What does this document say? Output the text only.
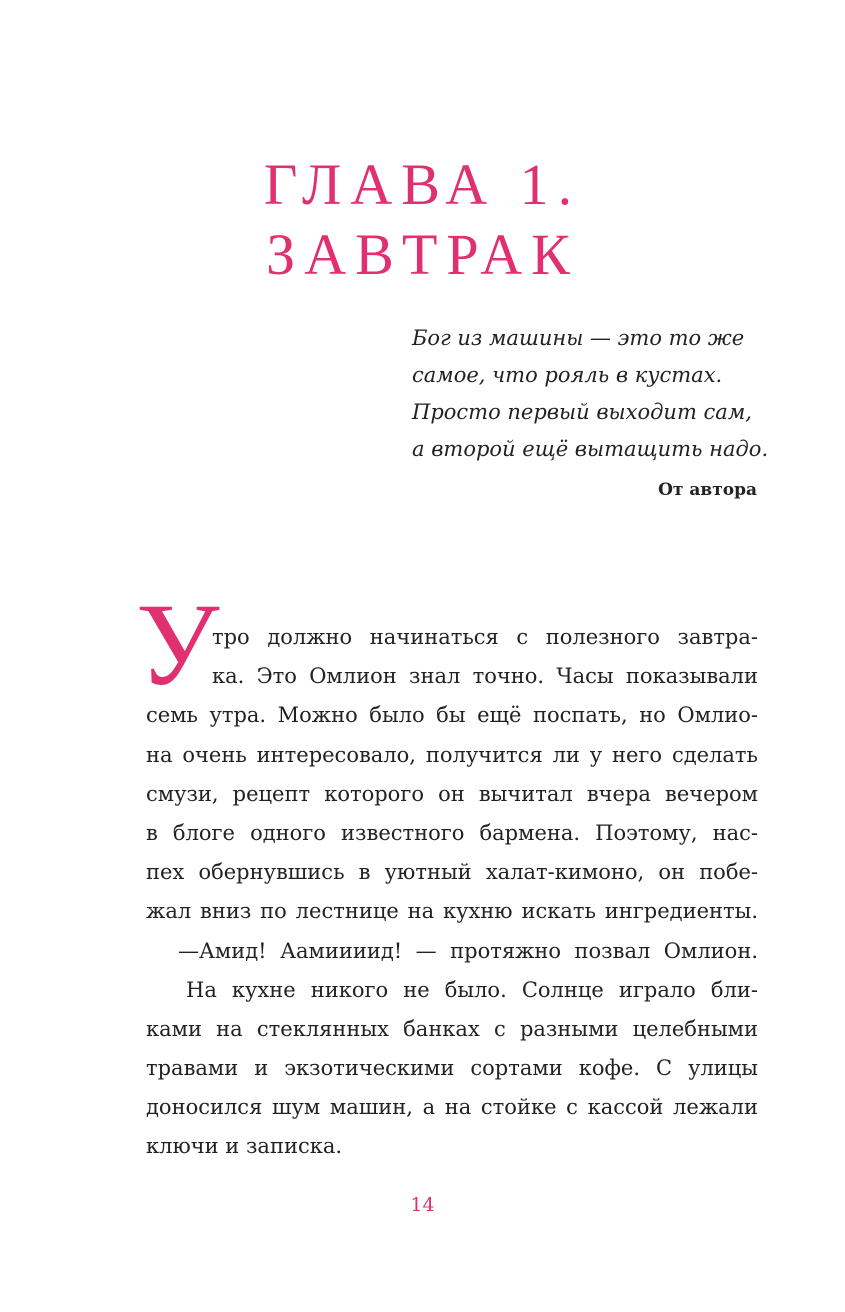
ГЛАВА 1.
ЗАВТРАК
Бог из машины — это то же
самое, что рояль в кустах.
Просто первый выходит сам,
а второй ещё вытащить надо.
От автора
У
тро должно начинаться с полезного завтра-
ка. Это Омлион знал точно. Часы показывали
семь утра. Можно было бы ещё поспать, но Омлио-
на очень интересовало, получится ли у него сделать
смузи, рецепт которого он вычитал вчера вечером
в блоге одного известного бармена. Поэтому, нас-
пех обернувшись в уютный халат-кимоно, он побе-
жал вниз по лестнице на кухню искать ингредиенты.
—Амид! Аамиииид! — протяжно позвал Омлион.
На кухне никого не было. Солнце играло бли-
ками на стеклянных банках с разными целебными
травами и экзотическими сортами кофе. С улицы
доносился шум машин, а на стойке с кассой лежали
ключи и записка.
14
